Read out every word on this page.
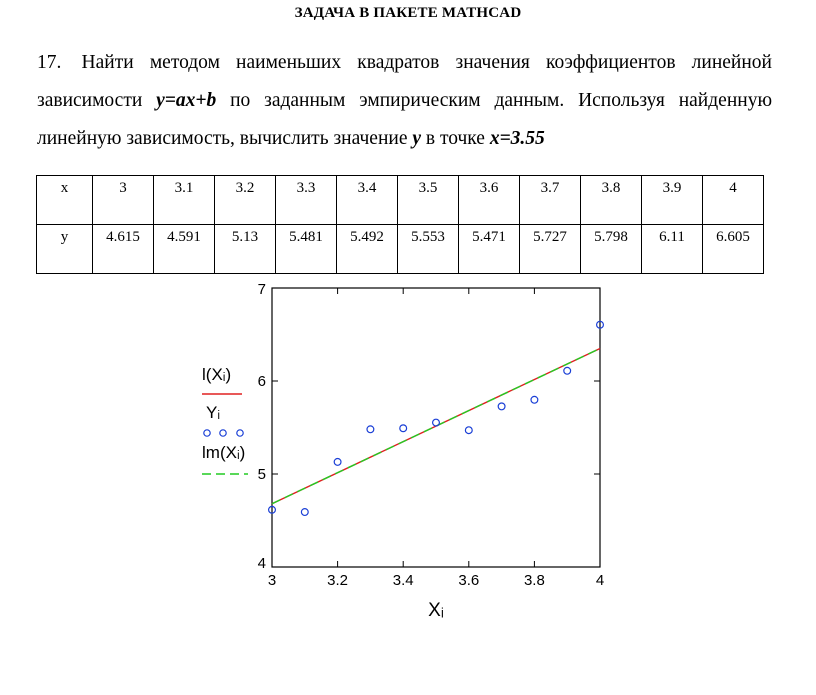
ЗАДАЧА В ПАКЕТЕ MATHCAD
17. Найти методом наименьших квадратов значения коэффициентов линейной зависимости y=ax+b по заданным эмпирическим данным. Используя найденную линейную зависимость, вычислить значение y в точке x=3.55
x	3	3.1	3.2	3.3	3.4	3.5	3.6	3.7	3.8	3.9	4
y	4.615	4.591	5.13	5.481	5.492	5.553	5.471	5.727	5.798	6.11	6.605
7
6
5
4
3	3.2	3.4	3.6	3.8	4
Xᵢ
l(Xᵢ)
Yᵢ
lm(Xᵢ)
